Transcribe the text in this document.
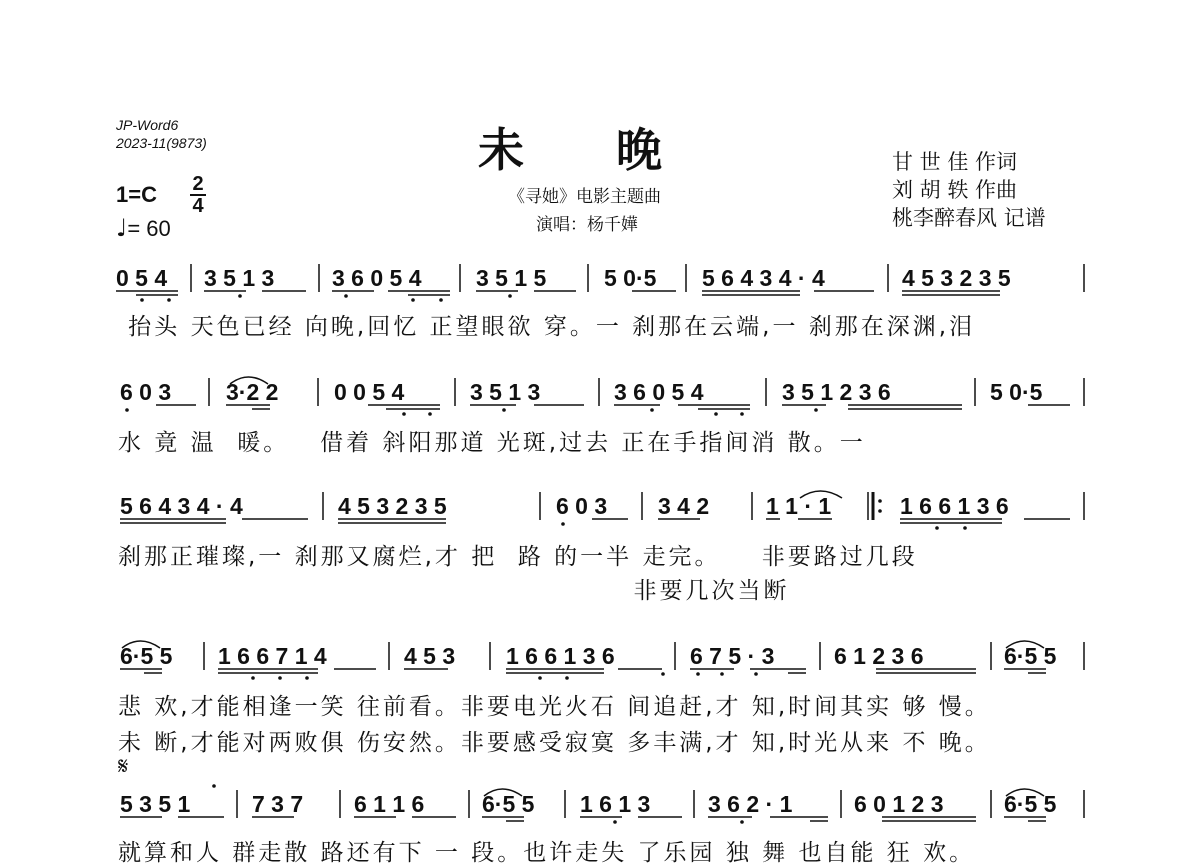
JP-Word6
2023-11(9873)	未　　晚
《寻她》电影主题曲
演唱：杨千嬅
甘 世 佳 作词
刘 胡 轶 作曲
桃李醉春风 记谱
1=C 2
4
♩= 60
0 5 4 3 5 1 3	3 6 0 5 4 3 5 1 5	5 0·5 5 6 4 3 4 · 4	4 5 3 2 3 5
抬头 天色已经 向晚,回忆 正望眼欲 穿。一 刹那在云端,一 刹那在深渊,泪
6 0 3 3·2 2 0 0 5 4	3 5 1 3	3 6 0 5 4	3 5 1 2 3 6	5 0·5
水 竟 温  暖。   借着 斜阳那道 光斑,过去 正在手指间消 散。一
5 6 4 3 4 · 4	4 5 3 2 3 5	6 0 3 3 4 2 1 1 · 1	1 6 6 1 3 6
刹那正璀璨,一 刹那又腐烂,才 把  路 的一半 走完。    非要路过几段
非要几次当断
6·5 5 1 6 6 7 1 4	4 5 3 1 6 6 1 3 6	6 7 5 · 3	6 1 2 3 6	6·5 5
悲 欢,才能相逢一笑 往前看。非要电光火石 间追赶,才 知,时间其实 够 慢。
未 断,才能对两败俱 伤安然。非要感受寂寞 多丰满,才 知,时光从来 不 晚。
𝄋
5 3 5 1	7 3 7 6 1 1 6	6·5 5 1 6 1 3	3 6 2 · 1	6 0 1 2 3	6·5 5
就算和人 群走散 路还有下 一 段。也许走失 了乐园 独 舞 也自能 狂 欢。
